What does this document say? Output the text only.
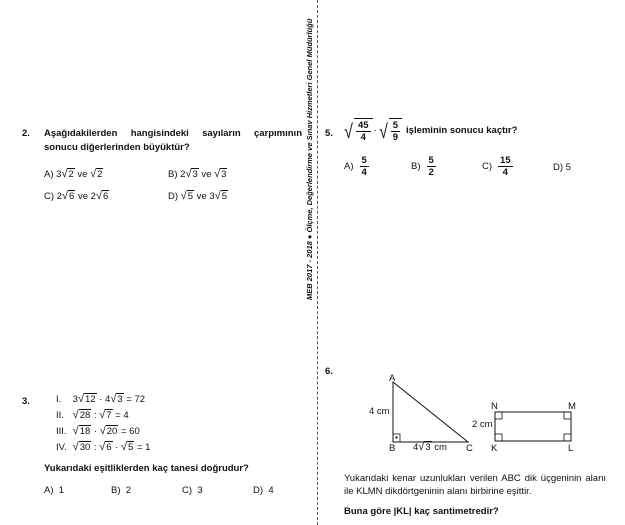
MEB 2017 - 2018 ● Ölçme, Değerlendirme ve Sınav Hizmetleri Genel Müdürlüğü
2. Aşağıdakilerden hangisindeki sayıların çarpımının sonucu diğerlerinden büyüktür?
A) 3√2 ve √2	B) 2√3 ve √3
C) 2√6 ve 2√6	D) √5 ve 3√5
3.	I. 3√12 · 4√3 = 72
II. √28 : √7 = 4
III. √18 · √20 = 60
IV. √30 : √6 · √5 = 1
Yukarıdaki eşitliklerden kaç tanesi doğrudur?
A) 1	B) 2	C) 3	D) 4
5. √ $\frac{45}{4}$ · √ $\frac{5}{9}$ işleminin sonucu kaçtır?
$A) \frac{5}{4}$	$B) \frac{5}{2}$	$C) \frac{15}{4}$	D) 5
6.
A
B	C
4 cm
4√3 cm
N	M
K	L
2 cm
Yukarıdaki kenar uzunlukları verilen ABC dik üçgeninin alanı ile KLMN dikdörtgeninin alanı birbirine eşittir.
Buna göre |KL| kaç santimetredir?
